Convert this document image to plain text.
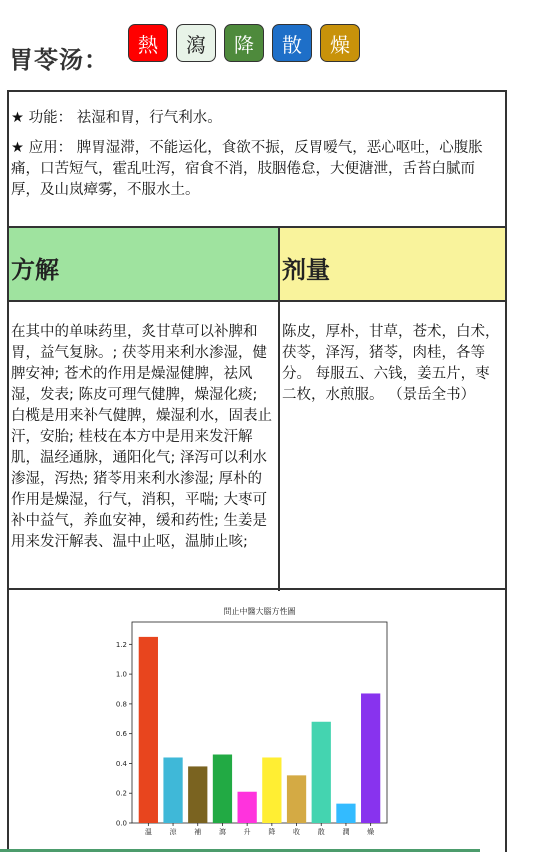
胃苓汤：
熱	瀉	降	散	燥

★ 功能： 祛湿和胃，行气利水。

★ 应用： 脾胃湿滞，不能运化，食欲不振，反胃嗳气，恶心呕吐，心腹胀痛，口苦短气，霍乱吐泻，宿食不消，肢胭倦怠，大便溏泄，舌苔白腻而厚，及山岚瘴雾，不服水土。

方解	剂量
在其中的单味药里，炙甘草可以补脾和胃，益气复脉。; 茯苓用来利水渗湿，健脾安神; 苍术的作用是燥湿健脾，祛风湿，发表; 陈皮可理气健脾，燥湿化痰; 白榄是用来补气健脾，燥湿利水，固表止汗，安胎; 桂枝在本方中是用来发汗解肌，温经通脉，通阳化气; 泽泻可以利水渗湿，泻热; 猪苓用来利水渗湿; 厚朴的作用是燥湿，行气，消积，平喘; 大枣可补中益气，养血安神，缓和药性; 生姜是用来发汗解表、温中止呕，温肺止咳;
陈皮，厚朴，甘草，苍术，白术，茯苓，泽泻，猪苓，肉桂，各等分。 每服五、六钱，姜五片，枣二枚，水煎服。 （景岳全书）
問止中醫大腦方性圖
0.0
0.2
0.4
0.6
0.8
1.0
1.2
溫	涼	補	瀉	升	降	收	散	潤	燥
